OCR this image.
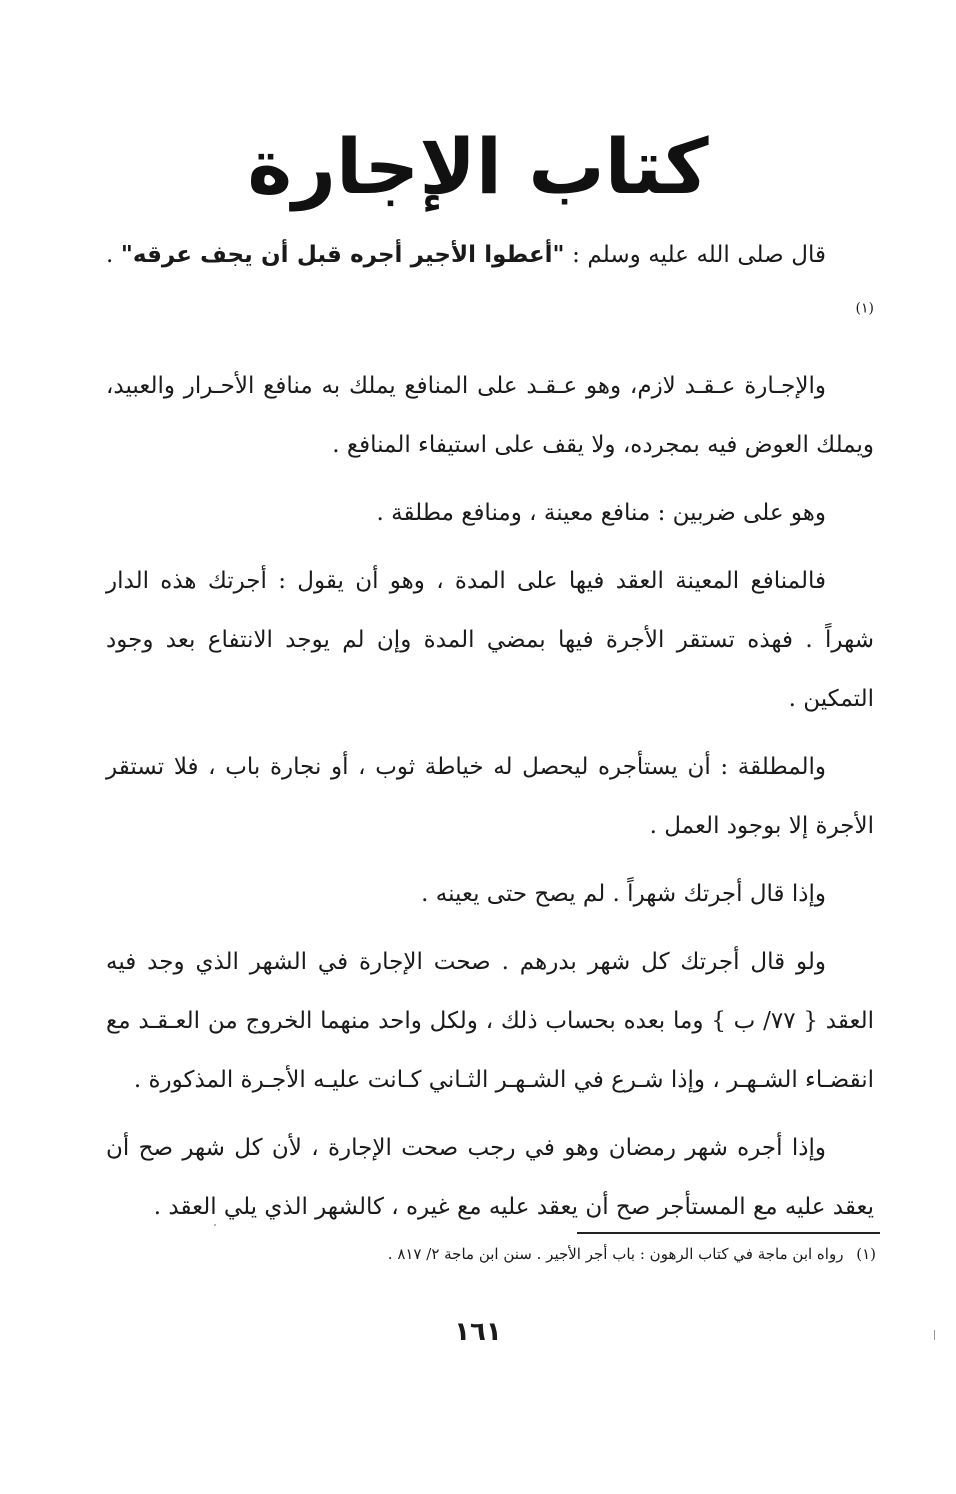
كتاب الإجارة

قال صلى الله عليه وسلم : "أعطوا الأجير أجره قبل أن يجف عرقه" . $^{(١)}$

والإجـارة عـقـد لازم، وهو عـقـد على المنافع يملك به منافع الأحـرار والعبيد، ويملك العوض فيه بمجرده، ولا يقف على استيفاء المنافع .

وهو على ضربين : منافع معينة ، ومنافع مطلقة .

فالمنافع المعينة العقد فيها على المدة ، وهو أن يقول : أجرتك هذه الدار شهراً . فهذه تستقر الأجرة فيها بمضي المدة وإن لم يوجد الانتفاع بعد وجود التمكين .

والمطلقة : أن يستأجره ليحصل له خياطة ثوب ، أو نجارة باب ، فلا تستقر الأجرة إلا بوجود العمل .

وإذا قال أجرتك شهراً . لم يصح حتى يعينه .

ولو قال أجرتك كل شهر بدرهم . صحت الإجارة في الشهر الذي وجد فيه العقد { ٧٧/ ب } وما بعده بحساب ذلك ، ولكل واحد منهما الخروج من العـقـد مع انقضـاء الشـهـر ، وإذا شـرع في الشـهـر الثـاني كـانت عليـه الأجـرة المذكورة .

وإذا أجره شهر رمضان وهو في رجب صحت الإجارة ، لأن كل شهر صح أن يعقد عليه مع المستأجر صح أن يعقد عليه مع غيره ، كالشهر الذي يلي العقد .

(١) رواه ابن ماجة في كتاب الرهون : باب أجر الأجير . سنن ابن ماجة ٢/ ٨١٧ .
١٦١
